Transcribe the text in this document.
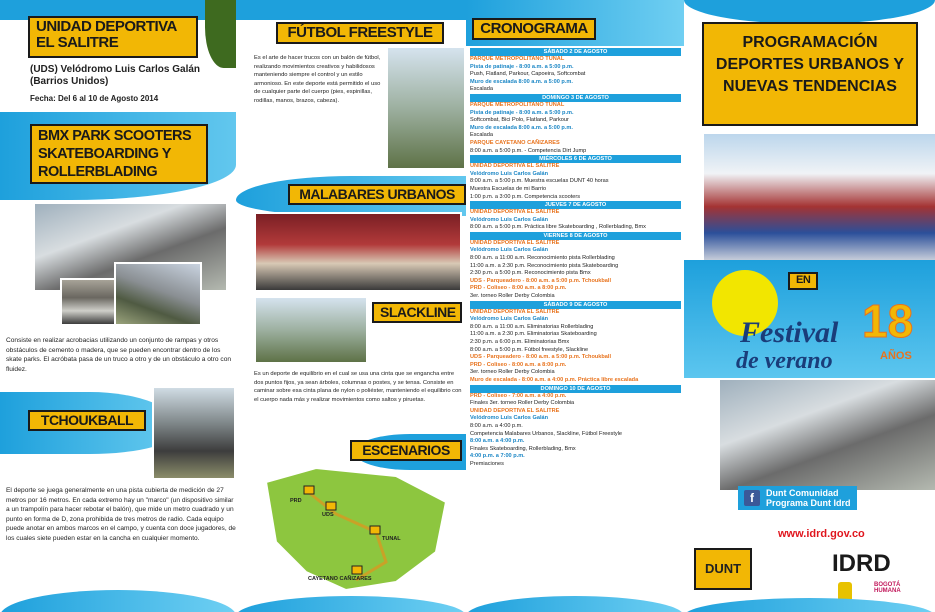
UNIDAD DEPORTIVA EL SALITRE
(UDS) Velódromo Luis Carlos Galán (Barrios Unidos)
Fecha: Del 6 al 10 de Agosto 2014
BMX PARK SCOOTERS SKATEBOARDING Y ROLLERBLADING
Consiste en realizar acrobacias utilizando un conjunto de rampas y otros obstáculos de cemento o madera, que se pueden encontrar dentro de los skate parks. El acróbata pasa de un truco a otro y de un obstáculo a otro con fluidez.
TCHOUKBALL
El deporte se juega generalmente en una pista cubierta de medición de 27 metros por 16 metros. En cada extremo hay un "marco" (un dispositivo similar a un trampolín para hacer rebotar el balón), que mide un metro cuadrado y un punto en forma de D, zona prohibida de tres metros de radio. Cada equipo puede anotar en ambos marcos en el campo, y cuenta con doce jugadores, de los cuales siete pueden estar en la cancha en cualquier momento.
FÚTBOL FREESTYLE
Es el arte de hacer trucos con un balón de fútbol, realizando movimientos creativos y habilidosos manteniendo siempre el control y un estilo armonioso. En este deporte está permitido el uso de cualquier parte del cuerpo (pies, espinillas, rodillas, manos, brazos, cabeza).
MALABARES URBANOS
SLACKLINE
Es un deporte de equilibrio en el cual se usa una cinta que se engancha entre dos puntos fijos, ya sean árboles, columnas o postes, y se tensa. Consiste en caminar sobre esa cinta plana de nylon o poliéster, manteniendo el equilibrio con el cuerpo nada más y realizar movimientos como saltos y piruetas.
ESCENARIOS
PRD
UDS
TUNAL
CAYETANO CAÑIZARES
CRONOGRAMA
SÁBADO 2 DE AGOSTO
PARQUE METROPOLITANO TUNAL
Pista de patinaje - 8:00 a.m. a 5:00 p.m.
Push, Flatland, Parkour, Capoeira, Softcombat
Muro de escalada 8:00 a.m. a 5:00 p.m.
Escalada
DOMINGO 3 DE AGOSTO
PARQUE METROPOLITANO TUNAL
Pista de patinaje - 8:00 a.m. a 5:00 p.m.
Softcombat, Bici Polo, Flatland, Parkour
Muro de escalada 8:00 a.m. a 5:00 p.m.
Escalada
PARQUE CAYETANO CAÑIZARES
8:00 a.m. a 5:00 p.m. - Competencia Dirt Jump
MIÉRCOLES 6 DE AGOSTO
UNIDAD DEPORTIVA EL SALITRE
Velódromo Luis Carlos Galán
8:00 a.m. a 5:00 p.m. Muestra escuelas DUNT 40 horas
Muestra Escuelas de mi Barrio
1:00 p.m. a 3:00 p.m. Competencia scooters
JUEVES 7 DE AGOSTO
UNIDAD DEPORTIVA EL SALITRE
Velódromo Luis Carlos Galán
8:00 a.m. a 5:00 p.m. Práctica libre Skateboarding , Rollerblading, Bmx
VIERNES 8 DE AGOSTO
UNIDAD DEPORTIVA EL SALITRE
Velódromo Luis Carlos Galán
8:00 a.m. a 11:00 a.m. Reconocimiento pista Rollerblading
11:00 a.m. a 2:30 p.m. Reconocimiento pista Skateboarding
2:30 p.m. a 5:00 p.m. Reconocimiento pista Bmx
UDS - Parqueadero - 8:00 a.m. a 5:00 p.m. Tchoukball
PRD - Coliseo - 8:00 a.m. a 8:00 p.m.
3er. torneo Roller Derby Colombia
SÁBADO 9 DE AGOSTO
UNIDAD DEPORTIVA EL SALITRE
Velódromo Luis Carlos Galán
8:00 a.m. a 11:00 a.m. Eliminatorias Rollerblading
11:00 a.m. a 2:30 p.m. Eliminatorias Skateboarding
2:30 p.m. a 6:00 p.m. Eliminatorias Bmx
8:00 a.m. a 5:00 p.m. Fútbol freestyle, Slackline
UDS - Parqueadero - 8:00 a.m. a 5:00 p.m. Tchoukball
PRD - Coliseo - 8:00 a.m. a 8:00 p.m.
3er. torneo Roller Derby Colombia
Muro de escalada - 8:00 a.m. a 4:00 p.m. Práctica libre escalada
DOMINGO 10 DE AGOSTO
PRD - Coliseo - 7:00 a.m. a 4:00 p.m.
Finales 3er. torneo Roller Derby Colombia
UNIDAD DEPORTIVA EL SALITRE
Velódromo Luis Carlos Galán
8:00 a.m. a 4:00 p.m.
Competencia Malabares Urbanos, Slackline, Fútbol Freestyle
8:00 a.m. a 4:00 p.m.
Finales Skateboarding, Rollerblading, Bmx
4:00 p.m. a 7:00 p.m.
Premiaciones
PROGRAMACIÓN DEPORTES URBANOS Y NUEVAS TENDENCIAS
EN
Festival
de verano
18
AÑOS
f	Dunt Comunidad
Programa Dunt Idrd
www.idrd.gov.co
DUNT	IDRD
BOGOTÁ HUMANA
